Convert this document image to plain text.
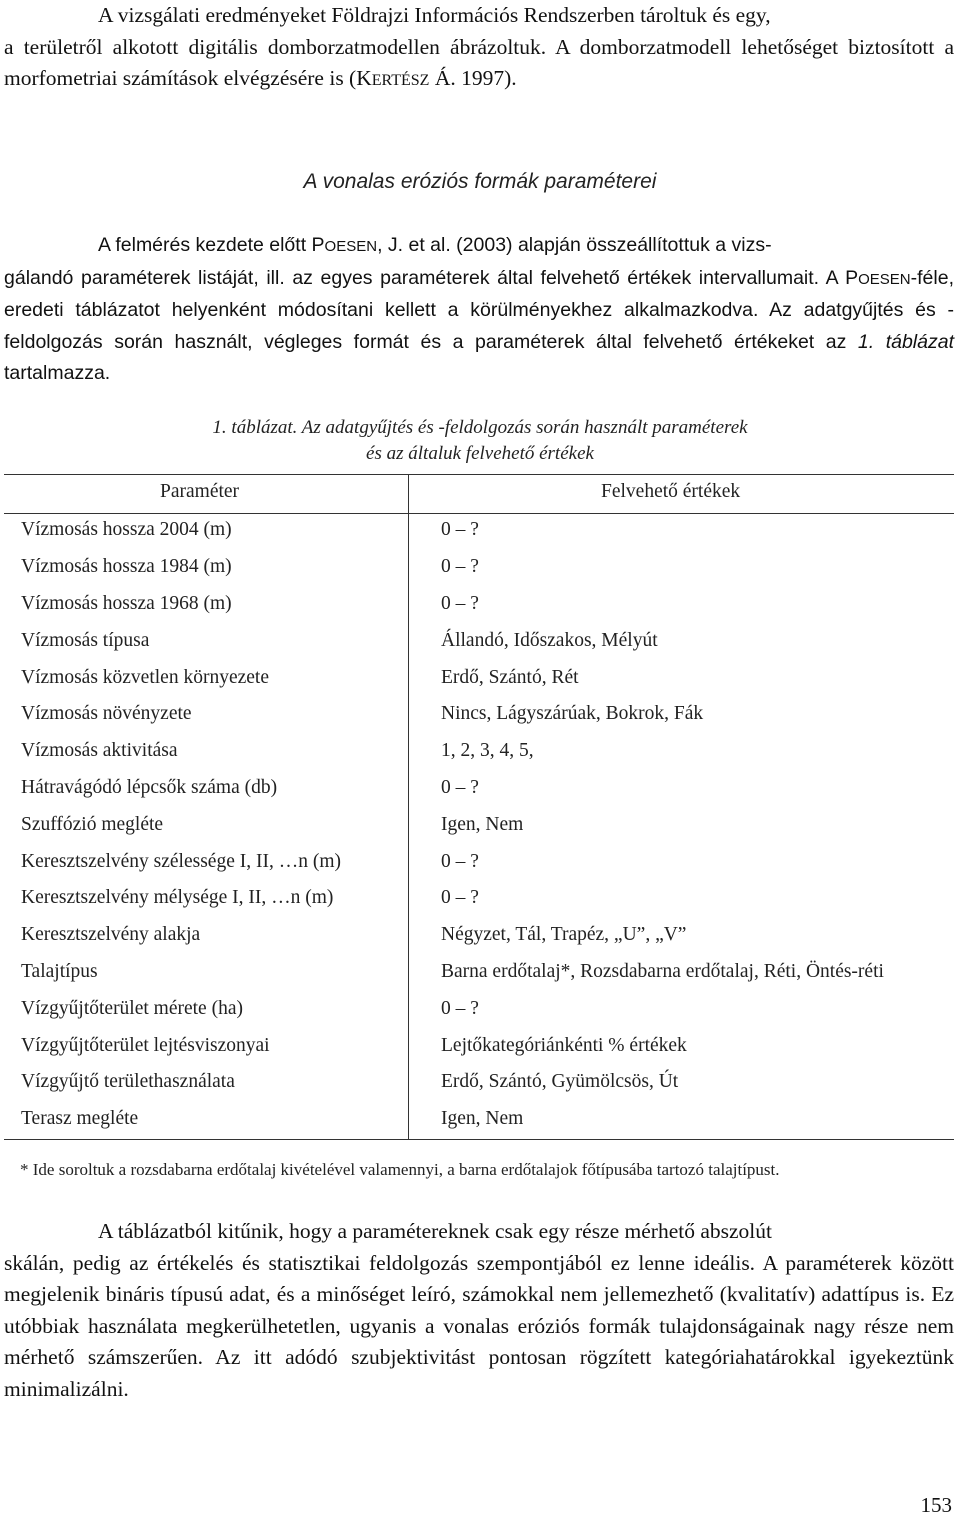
A vizsgálati eredményeket Földrajzi Információs Rendszerben tároltuk és egy,
a területről alkotott digitális domborzatmodellen ábrázoltuk. A domborzatmodell lehetőséget biztosított a morfometriai számítások elvégzésére is (KERTÉSZ Á. 1997).

A vonalas eróziós formák paraméterei

A felmérés kezdete előtt POESEN, J. et al. (2003) alapján összeállítottuk a vizs-
gálandó paraméterek listáját, ill. az egyes paraméterek által felvehető értékek intervallumait. A POESEN-féle, eredeti táblázatot helyenként módosítani kellett a körülményekhez alkalmazkodva. Az adatgyűjtés és -feldolgozás során használt, végleges formát és a paraméterek által felvehető értékeket az 1. táblázat tartalmazza.

1. táblázat. Az adatgyűjtés és -feldolgozás során használt paraméterek
és az általuk felvehető értékek
Paraméter	Felvehető értékek
Vízmosás hossza 2004 (m)	0 – ?
Vízmosás hossza 1984 (m)	0 – ?
Vízmosás hossza 1968 (m)	0 – ?
Vízmosás típusa	Állandó, Időszakos, Mélyút
Vízmosás közvetlen környezete	Erdő, Szántó, Rét
Vízmosás növényzete	Nincs, Lágyszárúak, Bokrok, Fák
Vízmosás aktivitása	1, 2, 3, 4, 5,
Hátravágódó lépcsők száma (db)	0 – ?
Szuffózió megléte	Igen, Nem
Keresztszelvény szélessége I, II, …n (m)	0 – ?
Keresztszelvény mélysége I, II, …n (m)	0 – ?
Keresztszelvény alakja	Négyzet, Tál, Trapéz, „U”, „V”
Talajtípus	Barna erdőtalaj*, Rozsdabarna erdőtalaj, Réti, Öntés-réti
Vízgyűjtőterület mérete (ha)	0 – ?
Vízgyűjtőterület lejtésviszonyai	Lejtőkategóriánkénti % értékek
Vízgyűjtő területhasználata	Erdő, Szántó, Gyümölcsös, Út
Terasz megléte	Igen, Nem
* Ide soroltuk a rozsdabarna erdőtalaj kivételével valamennyi, a barna erdőtalajok főtípusába tartozó talajtípust.

A táblázatból kitűnik, hogy a paramétereknek csak egy része mérhető abszolút
skálán, pedig az értékelés és statisztikai feldolgozás szempontjából ez lenne ideális. A paraméterek között megjelenik bináris típusú adat, és a minőséget leíró, számokkal nem jellemezhető (kvalitatív) adattípus is. Ez utóbbiak használata megkerülhetetlen, ugyanis a vonalas eróziós formák tulajdonságainak nagy része nem mérhető számszerűen. Az itt adódó szubjektivitást pontosan rögzített kategóriahatárokkal igyekeztünk minimalizálni.

153
